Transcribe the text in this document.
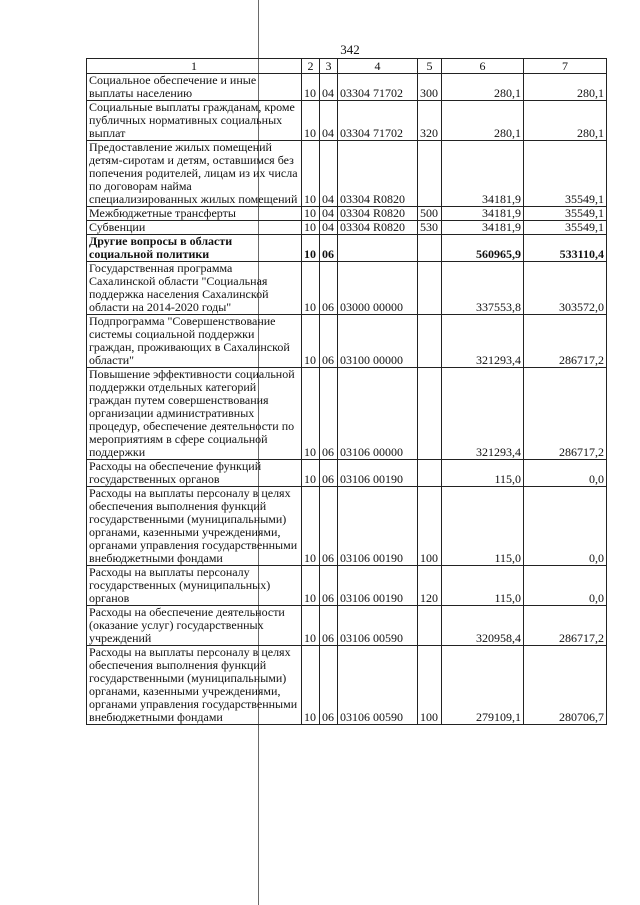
342
1	2	3	4	5	6	7
Социальное обеспечение и иные выплаты населению	10	04	03304 71702	300	280,1	280,1
Социальные выплаты гражданам, кроме публичных нормативных социальных выплат	10	04	03304 71702	320	280,1	280,1
Предоставление жилых помещений детям-сиротам и детям, оставшимся без попечения родителей, лицам из их числа по договорам найма специализированных жилых помещений	10	04	03304 R0820		34181,9	35549,1
Межбюджетные трансферты	10	04	03304 R0820	500	34181,9	35549,1
Субвенции	10	04	03304 R0820	530	34181,9	35549,1
Другие вопросы в области социальной политики	10	06			560965,9	533110,4
Государственная программа Сахалинской области "Социальная поддержка населения Сахалинской области на 2014-2020 годы"	10	06	03000 00000		337553,8	303572,0
Подпрограмма "Совершенствование системы социальной поддержки граждан, проживающих в Сахалинской области"	10	06	03100 00000		321293,4	286717,2
Повышение эффективности социальной поддержки отдельных категорий граждан путем совершенствования организации административных процедур, обеспечение деятельности по мероприятиям в сфере социальной поддержки	10	06	03106 00000		321293,4	286717,2
Расходы на обеспечение функций государственных органов	10	06	03106 00190		115,0	0,0
Расходы на выплаты персоналу в целях обеспечения выполнения функций государственными (муниципальными) органами, казенными учреждениями, органами управления государственными внебюджетными фондами	10	06	03106 00190	100	115,0	0,0
Расходы на выплаты персоналу государственных (муниципальных) органов	10	06	03106 00190	120	115,0	0,0
Расходы на обеспечение деятельности (оказание услуг) государственных учреждений	10	06	03106 00590		320958,4	286717,2
Расходы на выплаты персоналу в целях обеспечения выполнения функций государственными (муниципальными) органами, казенными учреждениями, органами управления государственными внебюджетными фондами	10	06	03106 00590	100	279109,1	280706,7
